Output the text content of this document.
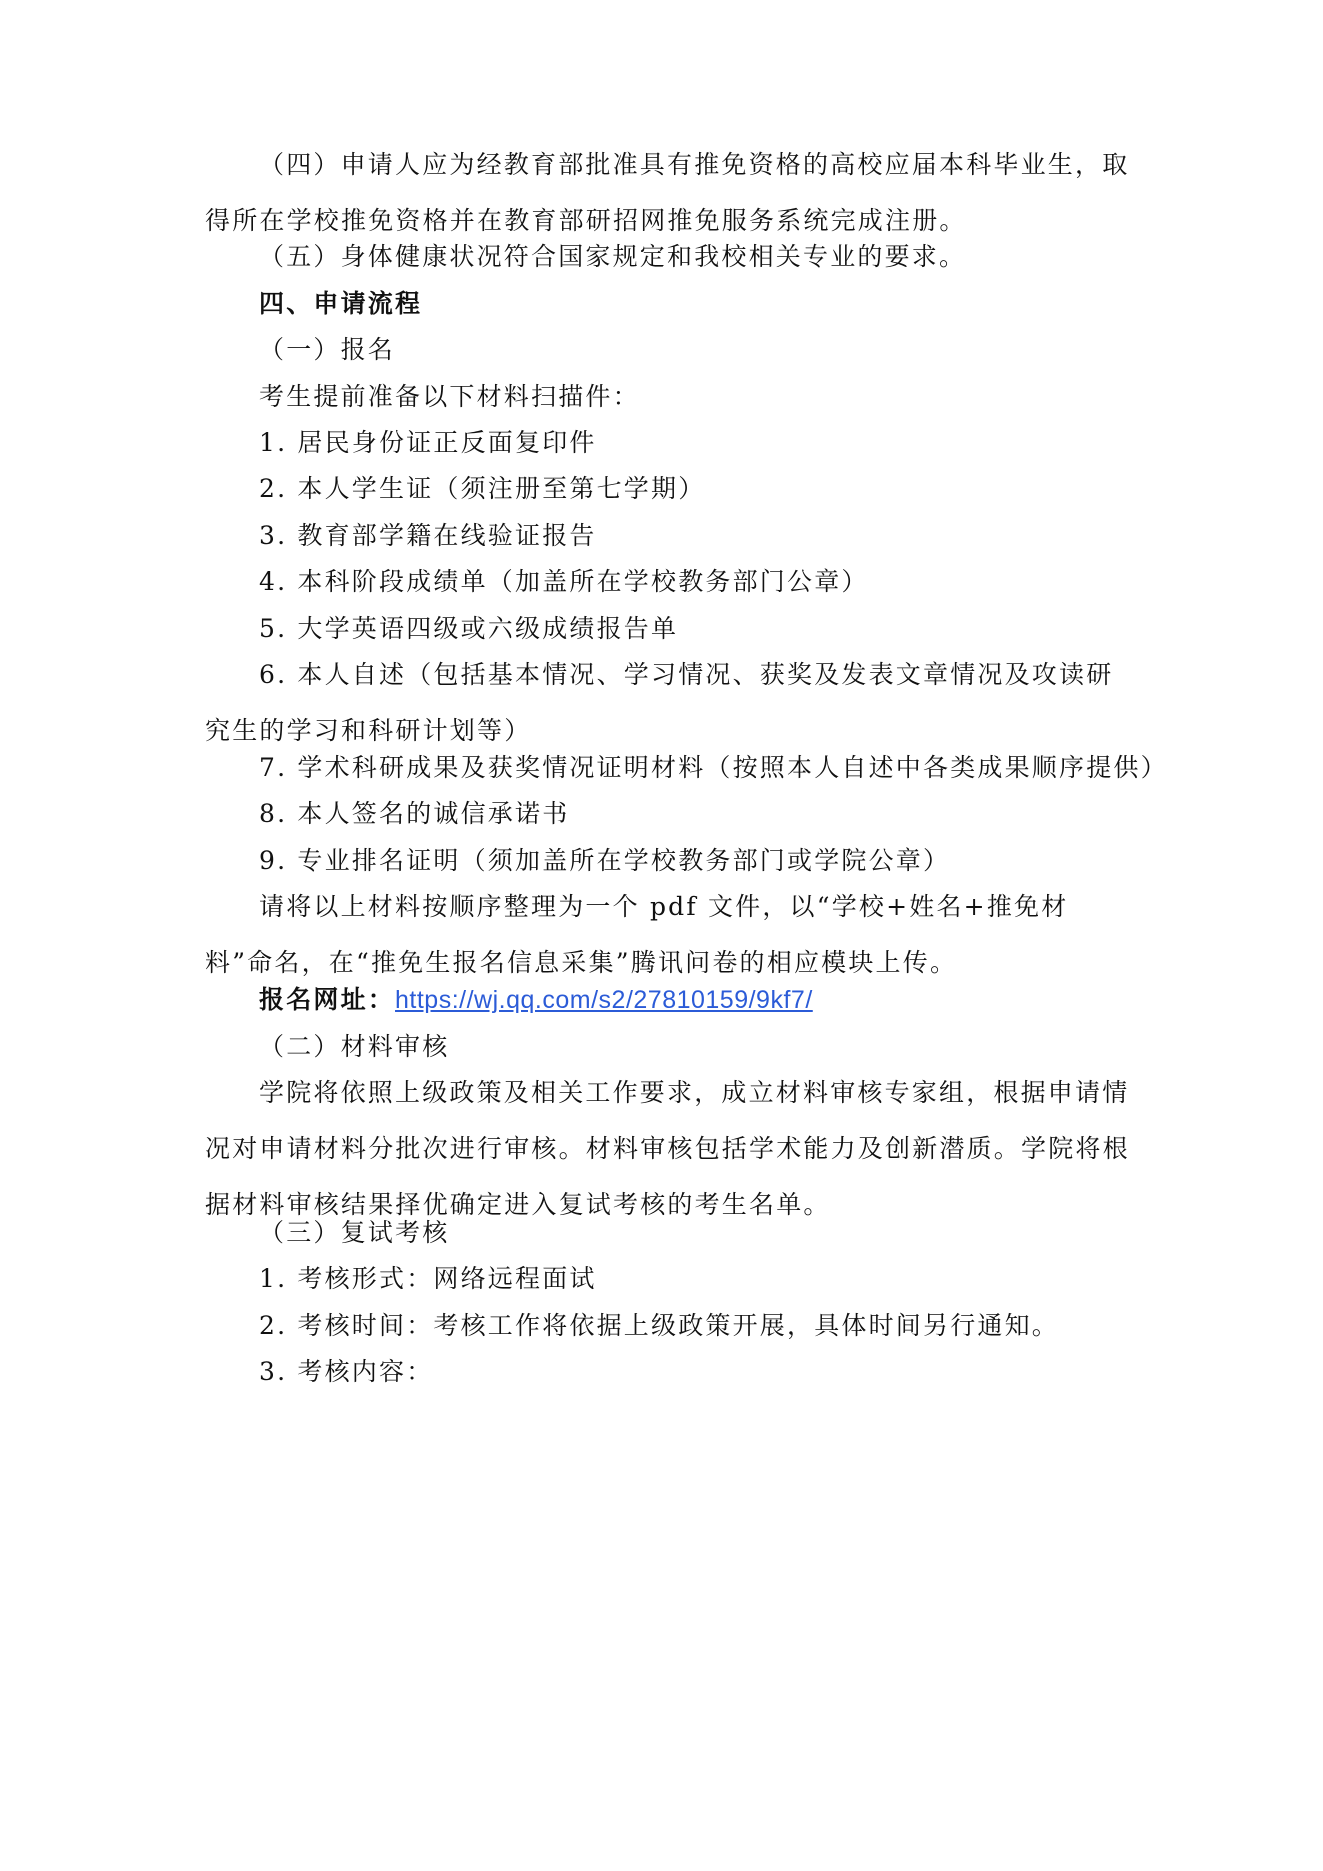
（四）申请人应为经教育部批准具有推免资格的高校应届本科毕业生，取得所在学校推免资格并在教育部研招网推免服务系统完成注册。

（五）身体健康状况符合国家规定和我校相关专业的要求。

四、申请流程

（一）报名

考生提前准备以下材料扫描件：

1. 居民身份证正反面复印件

2. 本人学生证（须注册至第七学期）

3. 教育部学籍在线验证报告

4. 本科阶段成绩单（加盖所在学校教务部门公章）

5. 大学英语四级或六级成绩报告单

6. 本人自述（包括基本情况、学习情况、获奖及发表文章情况及攻读研究生的学习和科研计划等）

7. 学术科研成果及获奖情况证明材料（按照本人自述中各类成果顺序提供）

8. 本人签名的诚信承诺书

9. 专业排名证明（须加盖所在学校教务部门或学院公章）

请将以上材料按顺序整理为一个 pdf 文件，以“学校+姓名+推免材料”命名，在“推免生报名信息采集”腾讯问卷的相应模块上传。

报名网址：https://wj.qq.com/s2/27810159/9kf7/

（二）材料审核

学院将依照上级政策及相关工作要求，成立材料审核专家组，根据申请情况对申请材料分批次进行审核。材料审核包括学术能力及创新潜质。学院将根据材料审核结果择优确定进入复试考核的考生名单。

（三）复试考核

1. 考核形式：网络远程面试

2. 考核时间：考核工作将依据上级政策开展，具体时间另行通知。

3. 考核内容：
